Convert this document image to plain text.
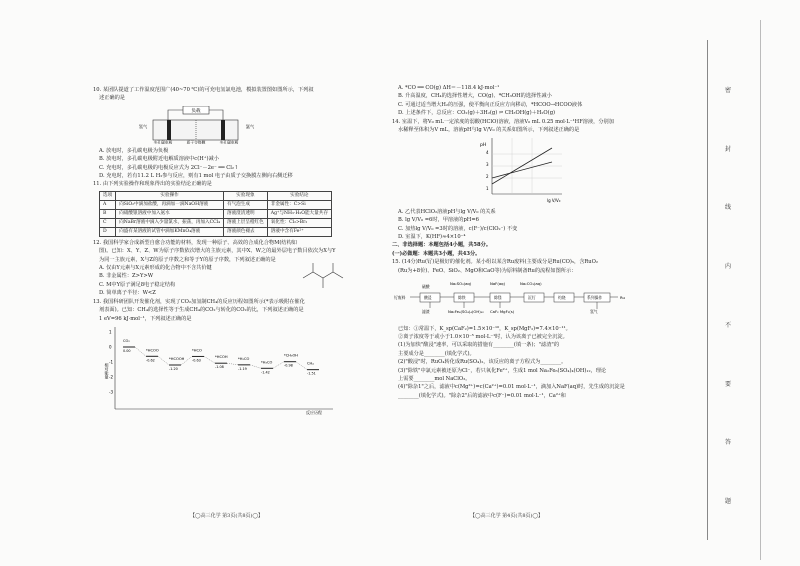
10. 某团队提道了工作温度范围广(40~70 ℃)的可充电氢氯电池，模拟装置图如图所示，下列叙

述正确的是

负载
氢气	氯气
多孔碳电极	质子交换膜	多孔碳电极

A. 放电时，多孔碳电极为负极

B. 放电时，多孔碳电极附近电解质溶液中c(H⁺)减小

C. 充电时，多孔碳电极的电极反应式为 2Cl⁻－2e⁻ ══ Cl₂↑

D. 充电时，若有11.2 L H₂参与反应，则有1 mol 电子由质子交换膜左侧向右侧迁移

11. 由下列实验操作和现象得出的实验结论正确的是

选项	实验操作	实验现象	实验结论
A	向SiO₂中滴加盐酸，再滴加一滴NaOH溶液	有气泡生成	非金属性：C>Si
B	向硝酸银溶液中加入氨水	溶液澄清透明	Ag⁺与NH₃·H₂O能大量共存
C	向NaBr溶液中滴入少量氯水，振荡，再加入CCl₄	溶液上层呈橙红色	氧化性：Cl₂>Br₂
D	向盛有某溶液的试管中滴加KMnO₄溶液	溶液颜色褪去	溶液中含有Fe²⁺

12. 我国科学家合成新型自愈合功能的材料，发现一种原子、高效的合成化合物M(结构如

图)。已知：X、Y、Z、W为原子序数依次增大的主族元素，其中X、W之的最外层电子数目依次为X与Y

为同一主族元素，X与Z的原子序数之和等于Y的原子序数，下列叙述正确的是

A. 仅由Y元素与X元素形成的化合物中不含共价键

B. 非金属性：Z>Y>W

C. M中Y原子满足8电子稳定结构

D. 简单离子半径：W<Z

13. 我国科研团队开发催化剂，实现了CO₂加氢制CH₄的反应历程如图所示(*表示吸附在催化

剂表面)。已知：CH₄的选择性等于生成CH₄的CO₂与转化的CO₂的比，下列叙述正确的是

1 eV=96 kJ·mol⁻¹，下列叙述正确的是

相对能量
反应历程
1
0
-1
-2
-3
CO₂
0.00	*HCOO
-0.62	*HCOOH
-1.20
*HCO
-0.63
*HCOH
-1.08
*H₂CO
-1.19
*H₃CO
-1.42
*CH₃OH
-0.98
CH₄
-1.51
【◯高三化学 第3页(共8页)◯】

A. *CO ══ CO(g) ΔH＝－118.4 kJ·mol⁻¹

B. 升高温度，CH₄的选择性增大，CO(g)、*CH₃OH的选择性减小

C. 可通过适当增大H₂的压强，使平衡向正反应方向移动，*HCOO→HCOO液体

D. 上述条件下，总反应：CO₂(g)＋3H₂(g) ⇌ CH₃OH(g)＋H₂O(g)

14. 室温下，将V₀ mL一定浓度的弱酸(HClO)溶液，溶液V₀ mL 0.25 mol·L⁻¹HF溶液，分别加

水稀释至体积为V mL，溶液pH与lg V/V₀ 的关系如图所示，下列叙述正确的是

pH
lg V/V₀
4
3
2
1

A. 乙代表HClO₂溶液pH与lg V/V₀ 的关系

B. lg V/V₀ =6时，甲溶液的pH=6

C. 加热lg V/V₀ =3时的溶液，c(F⁻)/c(ClO₂⁻) 不变

D. 室温下，K(HF)≈4×10⁻⁴

二、非选择题：本题包括4小题，共58分。

(一)必做题：本题共3小题，共43分。

15. (14分)Ru(钌)是极好的催化剂。某小组以某含Ru废料(主要成分是Ru(CO)₅，含RuO₂

(Ru为+8价)、FeO、SiO₂、MgO和CaO等)为原料制备Ru的流程如图所示：

钌废料
硫酸
酸浸
滤渣
Na₂SO₃(aq)
除铁
Na₂Fe₆(SO₄)₄(OH)₁₂
NaF(aq)
除镁
CaF₂ MgF₂(s)
Na₂CO₃(aq)
沉钌	灼烧	系列操作
氢气
Ru

已知：①常温下，K_sp(CaF₂)=1.5×10⁻¹⁰，K_sp(MgF₂)=7.4×10⁻¹¹。

②离子浓度等于或小于1.0×10⁻⁵ mol·L⁻¹时，认为该离子已被完全沉淀。

(1)为加快"酸浸"速率，可以采取的措施有________(填一条)；"滤渣"的

主要成分是________(填化学式)。

(2)"酸浸"时，RuO₄转化成Ru(SO₄)₂，该反应的离子方程式为________。

(3)"除铁"中氯元素被还原为Cl⁻，若只氧化Fe²⁺，生成1 mol Na₂Fe₆(SO₄)₄(OH)₁₂，理论

上需要________mol NaClO₃。

(4)"除杂1"之后，滤液中c(Mg²⁺)=c(Ca²⁺)=0.01 mol·L⁻¹，滴加入NaF(aq)时，先生成的沉淀是

________(填化学式)。"除杂2"后的滤液中c(F⁻)=0.01 mol·L⁻¹，Ca²⁺和

【◯高三化学 第4页(共8页)◯】
密
封
线
内
不
要
答
题
